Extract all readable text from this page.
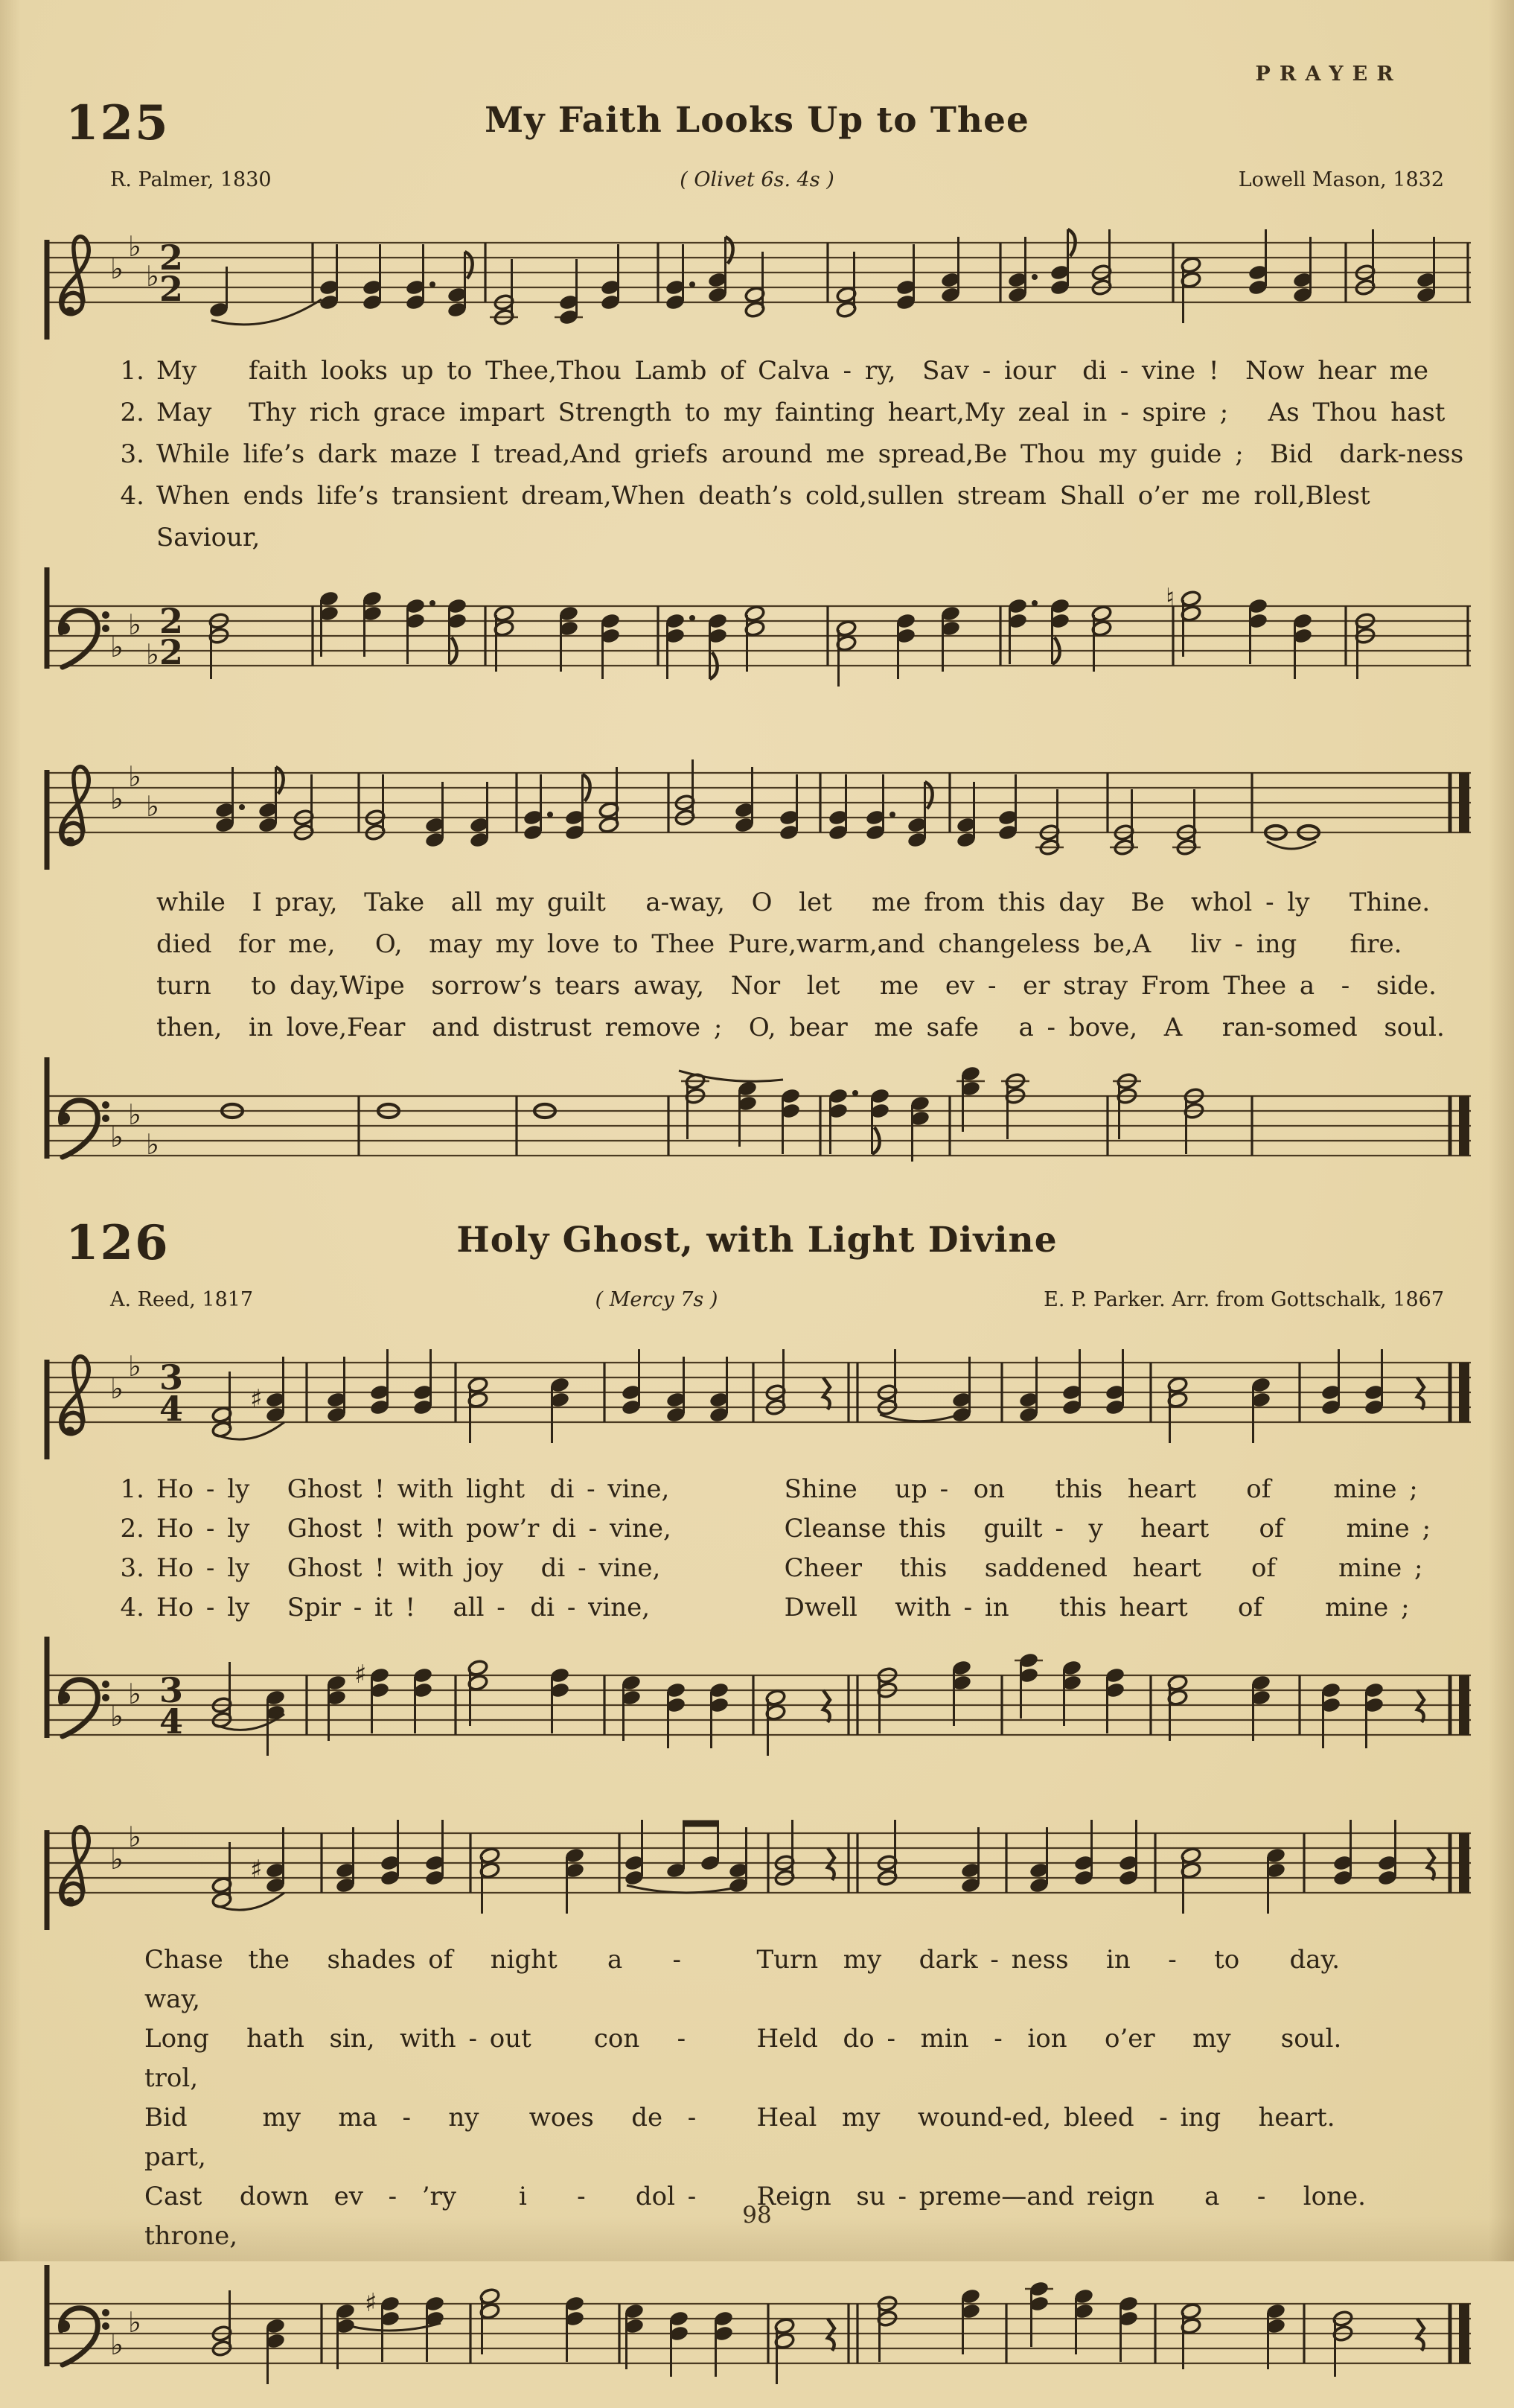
PRAYER
125	My Faith Looks Up to Thee
R. Palmer, 1830	( Olivet 6s. 4s )	Lowell Mason, 1832
♭
♭
♭ 2
2
1. My	faith looks up to Thee,Thou Lamb of Calva - ry,  Sav - iour  di - vine !  Now hear me
2. May	Thy rich grace impart Strength to my fainting heart,My zeal in - spire ;   As Thou hast
3. While life’s dark maze I tread,And griefs around me spread,Be Thou my guide ;  Bid  dark-ness
4. When ends life’s transient dream,When death’s cold,sullen stream Shall o’er me roll,Blest Saviour,
♭
♭
♭
2
2
♮
♭
♭
♭
while  I pray,  Take  all my guilt   a-way,  O  let   me from this day  Be  whol - ly   Thine.
died  for me,   O,  may my love to Thee Pure,warm,and changeless be,A   liv - ing    fire.
turn   to day,Wipe  sorrow’s tears away,  Nor  let   me  ev -  er stray From Thee a  -  side.
then,  in love,Fear  and distrust remove ;  O, bear  me safe   a - bove,  A   ran-somed  soul.
♭
♭
♭
126	Holy Ghost, with Light Divine
A. Reed, 1817	( Mercy 7s )	E. P. Parker. Arr. from Gottschalk, 1867
♭
♭ 3
4	♯
1. Ho - ly   Ghost ! with light  di - vine,	Shine   up -  on    this  heart    of     mine ;
2. Ho - ly   Ghost ! with pow’r di - vine,	Cleanse this   guilt -  y   heart    of     mine ;
3. Ho - ly   Ghost ! with joy   di - vine,	Cheer   this   saddened  heart    of     mine ;
4. Ho - ly   Spir - it !   all -  di - vine,	Dwell   with - in    this heart    of     mine ;
♭
♭ 3
4
♯
♭
♭
♯
Chase  the   shades of   night    a    -   way,
Turn  my   dark - ness   in   -   to    day.
Long   hath  sin,  with - out     con   -  trol,
Held  do -  min  -  ion   o’er   my    soul.
Bid      my   ma  -   ny    woes   de  -   part,
Heal  my   wound-ed, bleed  - ing   heart.
Cast   down  ev  -  ’ry     i    -    dol - throne,
Reign  su - preme—and reign    a   -   lone.
♭
♭
♯
98
